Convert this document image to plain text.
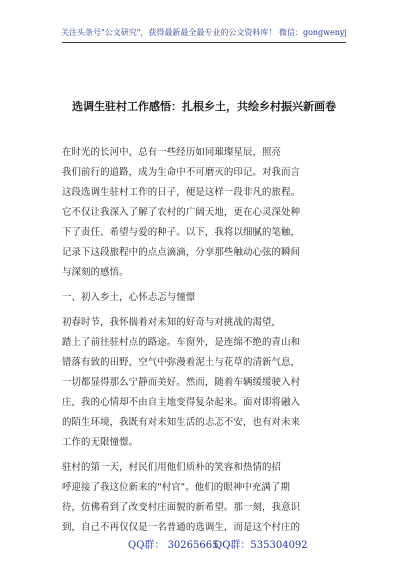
关注头条号"公文研究"，获得最新最全最专业的公文资料库！ 微信：gongwenyj
选调生驻村工作感悟：扎根乡土，共绘乡村振兴新画卷
在时光的长河中，总有一些经历如同璀璨星辰，照亮
我们前行的道路，成为生命中不可磨灭的印记。对我而言
这段选调生驻村工作的日子，便是这样一段非凡的旅程。
它不仅让我深入了解了农村的广阔天地，更在心灵深处种
下了责任、希望与爱的种子。以下，我将以细腻的笔触，
记录下这段旅程中的点点滴滴，分享那些触动心弦的瞬间
与深刻的感悟。
一、初入乡土，心怀忐忑与憧憬
初春时节，我怀揣着对未知的好奇与对挑战的渴望，
踏上了前往驻村点的路途。车窗外，是连绵不绝的青山和
错落有致的田野，空气中弥漫着泥土与花草的清新气息，
一切都显得那么宁静而美好。然而，随着车辆缓缓驶入村
庄，我的心情却不由自主地变得复杂起来。面对即将融入
的陌生环境，我既有对未知生活的忐忑不安，也有对未来
工作的无限憧憬。
驻村的第一天，村民们用他们质朴的笑容和热情的招
呼迎接了我这位新来的"村官"。他们的眼神中充满了期
待，仿佛看到了改变村庄面貌的新希望。那一刻，我意识
到，自己不再仅仅是一名普通的选调生，而是这个村庄的
QQ群： 30265665
QQ群：535304092
